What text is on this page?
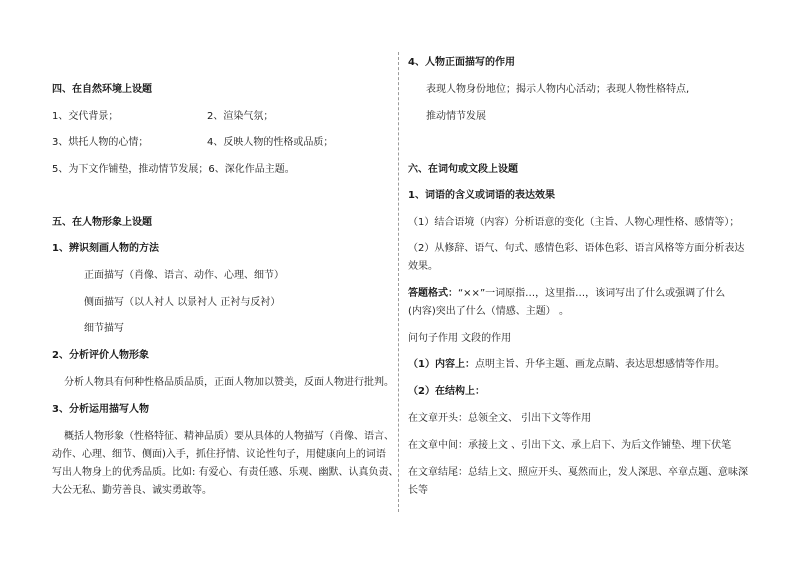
四、在自然环境上设题
1、交代背景；	2、渲染气氛；
3、烘托人物的心情；	4、反映人物的性格或品质；
5、为下文作铺垫，推动情节发展；6、深化作品主题。
五、在人物形象上设题
1、辨识刻画人物的方法
正面描写（肖像、语言、动作、心理、细节）
侧面描写（以人衬人 以景衬人 正衬与反衬）
细节描写
2、分析评价人物形象
分析人物具有何种性格品质品质，正面人物加以赞美，反面人物进行批判。
3、分析运用描写人物
概括人物形象（性格特征、精神品质）要从具体的人物描写（肖像、语言、
动作、心理、细节、侧面)入手，抓住抒情、议论性句子，用健康向上的词语
写出人物身上的优秀品质。比如: 有爱心、有责任感、乐观、幽默、认真负责、
大公无私、勤劳善良、诚实勇敢等。
4、人物正面描写的作用
表现人物身份地位；揭示人物内心活动；表现人物性格特点,
推动情节发展
六、在词句或文段上设题
1、词语的含义或词语的表达效果
（1）结合语境（内容）分析语意的变化（主旨、人物心理性格、感情等）；
（2）从修辞、语气、句式、感情色彩、语体色彩、语言风格等方面分析表达
效果。
答题格式：“××”一词原指…，这里指…，该词写出了什么或强调了什么
(内容)突出了什么（情感、主题） 。
问句子作用 文段的作用
（1）内容上：点明主旨、升华主题、画龙点睛、表达思想感情等作用。
（2）在结构上：
在文章开头：总领全文、 引出下文等作用
在文章中间：承接上文 、引出下文、承上启下、为后文作铺垫、埋下伏笔
在文章结尾：总结上文、照应开头、戛然而止，发人深思、卒章点题、意味深
长等
